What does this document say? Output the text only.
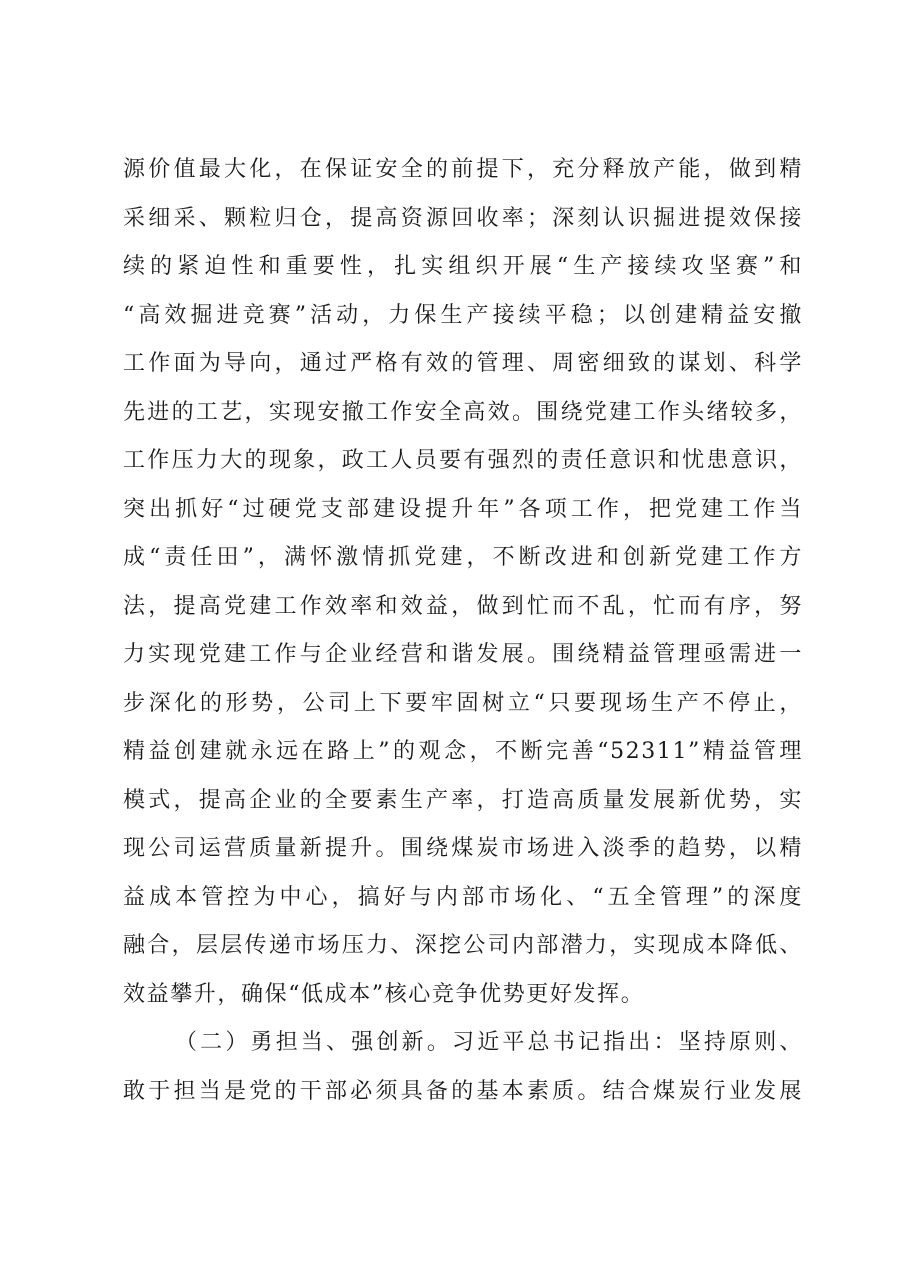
源价值最大化，在保证安全的前提下，充分释放产能，做到精
采细采、颗粒归仓，提高资源回收率；深刻认识掘进提效保接
续的紧迫性和重要性，扎实组织开展“生产接续攻坚赛”和
“高效掘进竞赛”活动，力保生产接续平稳；以创建精益安撤
工作面为导向，通过严格有效的管理、周密细致的谋划、科学
先进的工艺，实现安撤工作安全高效。围绕党建工作头绪较多，
工作压力大的现象，政工人员要有强烈的责任意识和忧患意识，
突出抓好“过硬党支部建设提升年”各项工作，把党建工作当
成“责任田”，满怀激情抓党建，不断改进和创新党建工作方
法，提高党建工作效率和效益，做到忙而不乱，忙而有序，努
力实现党建工作与企业经营和谐发展。围绕精益管理亟需进一
步深化的形势，公司上下要牢固树立“只要现场生产不停止，
精益创建就永远在路上”的观念，不断完善“52311”精益管理
模式，提高企业的全要素生产率，打造高质量发展新优势，实
现公司运营质量新提升。围绕煤炭市场进入淡季的趋势，以精
益成本管控为中心，搞好与内部市场化、“五全管理”的深度
融合，层层传递市场压力、深挖公司内部潜力，实现成本降低、
效益攀升，确保“低成本”核心竞争优势更好发挥。
（二）勇担当、强创新。习近平总书记指出：坚持原则、
敢于担当是党的干部必须具备的基本素质。结合煤炭行业发展
